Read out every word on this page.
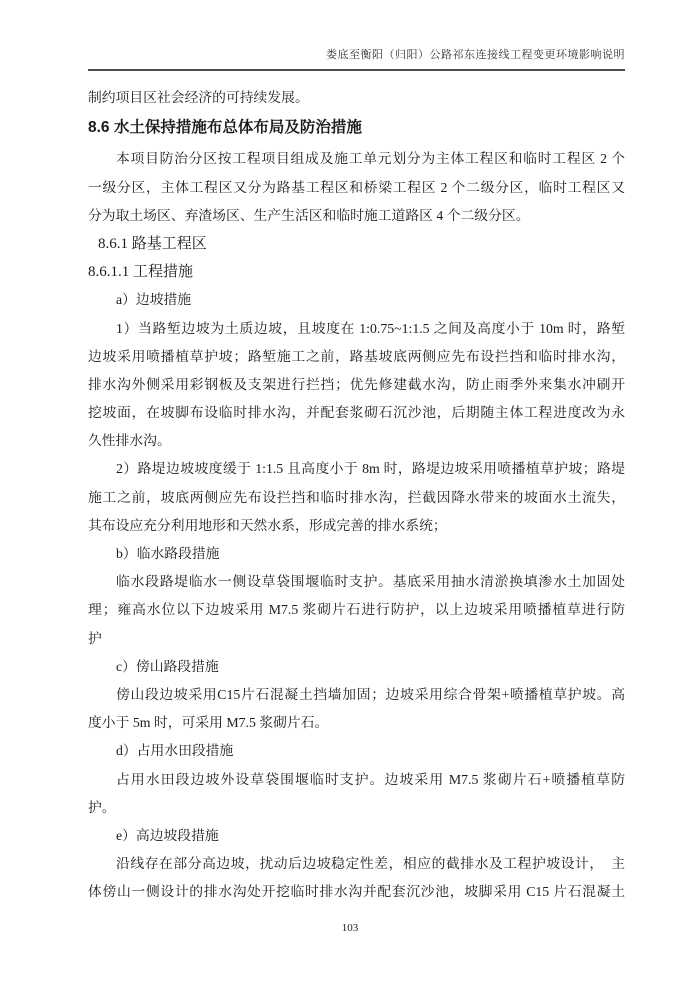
娄底至衡阳（归阳）公路祁东连接线工程变更环境影响说明
制约项目区社会经济的可持续发展。
8.6 水土保持措施布总体布局及防治措施
本项目防治分区按工程项目组成及施工单元划分为主体工程区和临时工程区 2 个
一级分区，主体工程区又分为路基工程区和桥梁工程区 2 个二级分区，临时工程区又
分为取土场区、弃渣场区、生产生活区和临时施工道路区 4 个二级分区。
8.6.1 路基工程区
8.6.1.1 工程措施
a）边坡措施
1）当路堑边坡为土质边坡，且坡度在 1:0.75~1:1.5 之间及高度小于 10m 时，路堑
边坡采用喷播植草护坡；路堑施工之前，路基坡底两侧应先布设拦挡和临时排水沟，
排水沟外侧采用彩钢板及支架进行拦挡；优先修建截水沟，防止雨季外来集水冲刷开
挖坡面，在坡脚布设临时排水沟，并配套浆砌石沉沙池，后期随主体工程进度改为永
久性排水沟。
2）路堤边坡坡度缓于 1:1.5 且高度小于 8m 时，路堤边坡采用喷播植草护坡；路堤
施工之前，坡底两侧应先布设拦挡和临时排水沟，拦截因降水带来的坡面水土流失，
其布设应充分利用地形和天然水系，形成完善的排水系统；
b）临水路段措施
临水段路堤临水一侧设草袋围堰临时支护。基底采用抽水清淤换填渗水土加固处
理；雍高水位以下边坡采用 M7.5 浆砌片石进行防护，以上边坡采用喷播植草进行防
护
c）傍山路段措施
傍山段边坡采用C15片石混凝土挡墙加固；边坡采用综合骨架+喷播植草护坡。高
度小于 5m 时，可采用 M7.5 浆砌片石。
d）占用水田段措施
占用水田段边坡外设草袋围堰临时支护。边坡采用 M7.5 浆砌片石+喷播植草防
护。
e）高边坡段措施
沿线存在部分高边坡，扰动后边坡稳定性差，相应的截排水及工程护坡设计，　主
体傍山一侧设计的排水沟处开挖临时排水沟并配套沉沙池，坡脚采用 C15 片石混凝土
103
